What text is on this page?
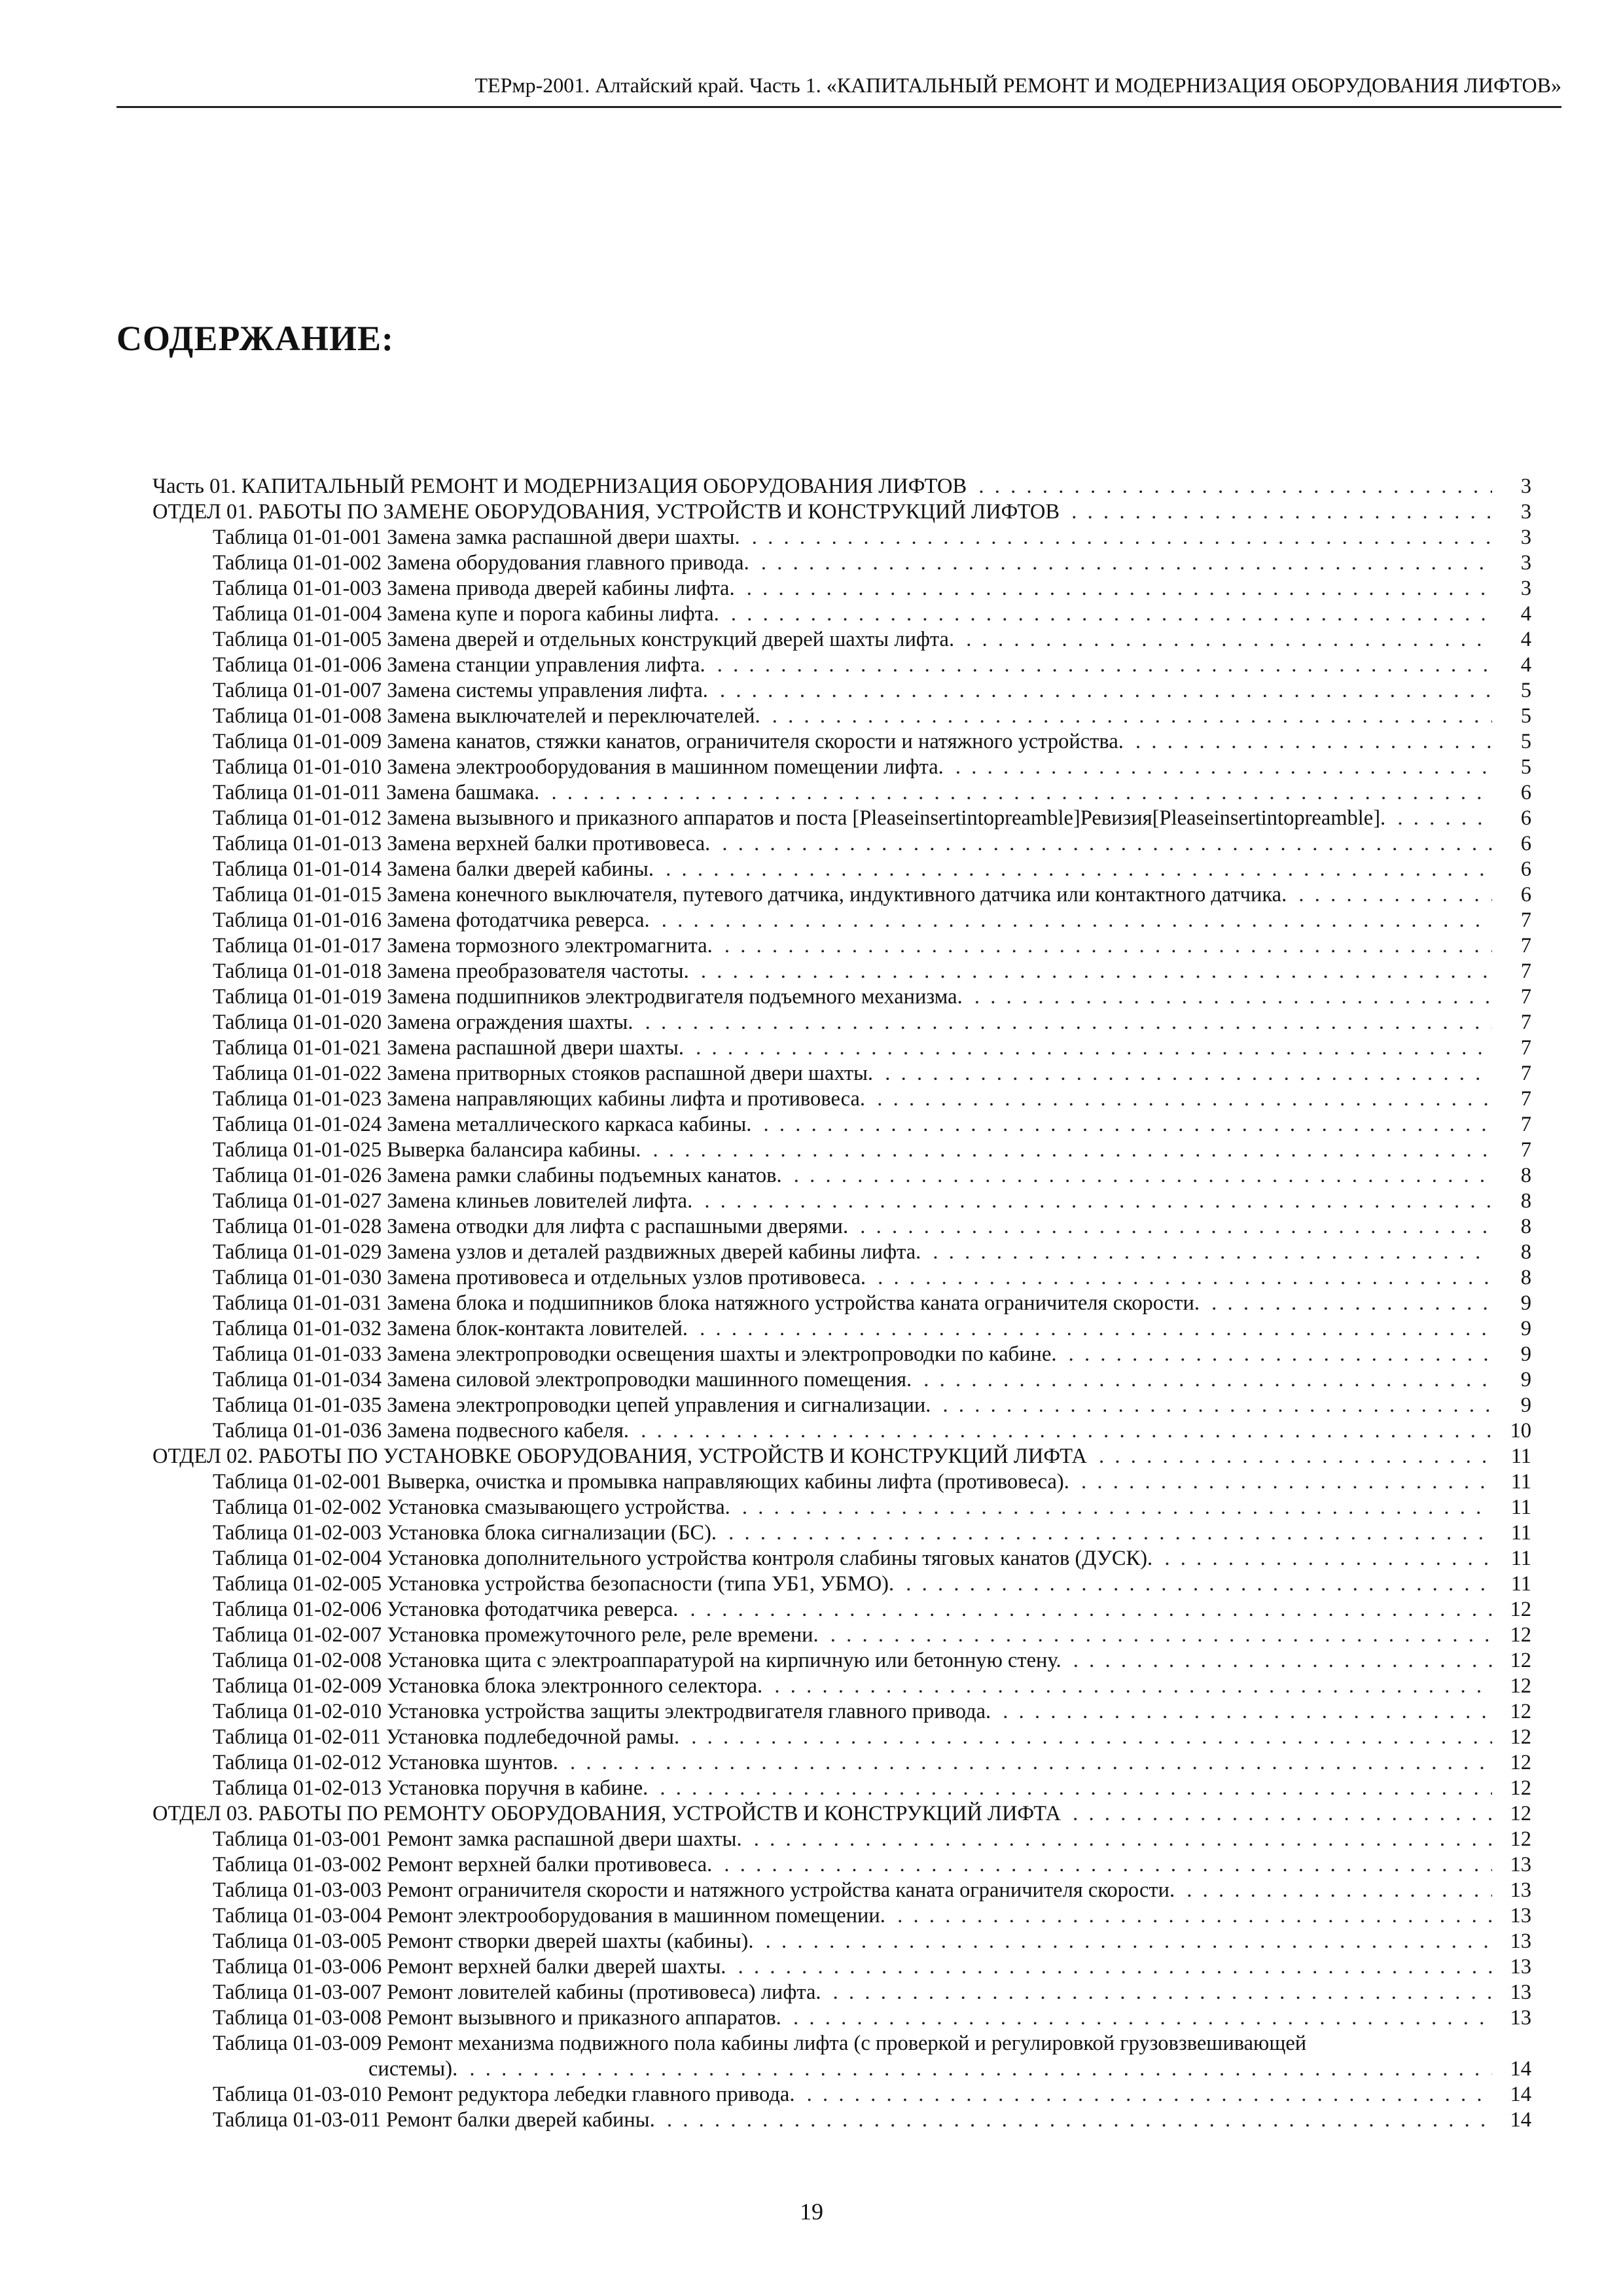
ТЕРмр-2001. Алтайский край. Часть 1. «КАПИТАЛЬНЫЙ РЕМОНТ И МОДЕРНИЗАЦИЯ ОБОРУДОВАНИЯ ЛИФТОВ»
СОДЕРЖАНИЕ:
Часть 01. КАПИТАЛЬНЫЙ РЕМОНТ И МОДЕРНИЗАЦИЯ ОБОРУДОВАНИЯ ЛИФТОВ . .	3
ОТДЕЛ 01. РАБОТЫ ПО ЗАМЕНЕ ОБОРУДОВАНИЯ, УСТРОЙСТВ И КОНСТРУКЦИЙ ЛИФТОВ . .	3
Таблица 01-01-001 Замена замка распашной двери шахты. . .	3
Таблица 01-01-002 Замена оборудования главного привода. . .	3
Таблица 01-01-003 Замена привода дверей кабины лифта. . .	3
Таблица 01-01-004 Замена купе и порога кабины лифта. . .	4
Таблица 01-01-005 Замена дверей и отдельных конструкций дверей шахты лифта. . .	4
Таблица 01-01-006 Замена станции управления лифта. . .	4
Таблица 01-01-007 Замена системы управления лифта. . .	5
Таблица 01-01-008 Замена выключателей и переключателей. . .	5
Таблица 01-01-009 Замена канатов, стяжки канатов, ограничителя скорости и натяжного устройства. . .	5
Таблица 01-01-010 Замена электрооборудования в машинном помещении лифта. . .	5
Таблица 01-01-011 Замена башмака. . .	6
Таблица 01-01-012 Замена вызывного и приказного аппаратов и поста [Pleaseinsertintopreamble]Ревизия[Pleaseinsertintopreamble]. . .	6
Таблица 01-01-013 Замена верхней балки противовеса. . .	6
Таблица 01-01-014 Замена балки дверей кабины. . .	6
Таблица 01-01-015 Замена конечного выключателя, путевого датчика, индуктивного датчика или контактного датчика. . .	6
Таблица 01-01-016 Замена фотодатчика реверса. . .	7
Таблица 01-01-017 Замена тормозного электромагнита. . .	7
Таблица 01-01-018 Замена преобразователя частоты. . .	7
Таблица 01-01-019 Замена подшипников электродвигателя подъемного механизма. . .	7
Таблица 01-01-020 Замена ограждения шахты. . .	7
Таблица 01-01-021 Замена распашной двери шахты. . .	7
Таблица 01-01-022 Замена притворных стояков распашной двери шахты. . .	7
Таблица 01-01-023 Замена направляющих кабины лифта и противовеса. . .	7
Таблица 01-01-024 Замена металлического каркаса кабины. . .	7
Таблица 01-01-025 Выверка балансира кабины. . .	7
Таблица 01-01-026 Замена рамки слабины подъемных канатов. . .	8
Таблица 01-01-027 Замена клиньев ловителей лифта. . .	8
Таблица 01-01-028 Замена отводки для лифта с распашными дверями. . .	8
Таблица 01-01-029 Замена узлов и деталей раздвижных дверей кабины лифта. . .	8
Таблица 01-01-030 Замена противовеса и отдельных узлов противовеса. . .	8
Таблица 01-01-031 Замена блока и подшипников блока натяжного устройства каната ограничителя скорости. . .	9
Таблица 01-01-032 Замена блок-контакта ловителей. . .	9
Таблица 01-01-033 Замена электропроводки освещения шахты и электропроводки по кабине. . .	9
Таблица 01-01-034 Замена силовой электропроводки машинного помещения. . .	9
Таблица 01-01-035 Замена электропроводки цепей управления и сигнализации. . .	9
Таблица 01-01-036 Замена подвесного кабеля. . .	10
ОТДЕЛ 02. РАБОТЫ ПО УСТАНОВКЕ ОБОРУДОВАНИЯ, УСТРОЙСТВ И КОНСТРУКЦИЙ ЛИФТА . .	11
Таблица 01-02-001 Выверка, очистка и промывка направляющих кабины лифта (противовеса). . .	11
Таблица 01-02-002 Установка смазывающего устройства. . .	11
Таблица 01-02-003 Установка блока сигнализации (БС). . .	11
Таблица 01-02-004 Установка дополнительного устройства контроля слабины тяговых канатов (ДУСК). . .	11
Таблица 01-02-005 Установка устройства безопасности (типа УБ1, УБМО). . .	11
Таблица 01-02-006 Установка фотодатчика реверса. . .	12
Таблица 01-02-007 Установка промежуточного реле, реле времени. . .	12
Таблица 01-02-008 Установка щита с электроаппаратурой на кирпичную или бетонную стену. . .	12
Таблица 01-02-009 Установка блока электронного селектора. . .	12
Таблица 01-02-010 Установка устройства защиты электродвигателя главного привода. . .	12
Таблица 01-02-011 Установка подлебедочной рамы. . .	12
Таблица 01-02-012 Установка шунтов. . .	12
Таблица 01-02-013 Установка поручня в кабине. . .	12
ОТДЕЛ 03. РАБОТЫ ПО РЕМОНТУ ОБОРУДОВАНИЯ, УСТРОЙСТВ И КОНСТРУКЦИЙ ЛИФТА . .	12
Таблица 01-03-001 Ремонт замка распашной двери шахты. . .	12
Таблица 01-03-002 Ремонт верхней балки противовеса. . .	13
Таблица 01-03-003 Ремонт ограничителя скорости и натяжного устройства каната ограничителя скорости. . .	13
Таблица 01-03-004 Ремонт электрооборудования в машинном помещении. . .	13
Таблица 01-03-005 Ремонт створки дверей шахты (кабины). . .	13
Таблица 01-03-006 Ремонт верхней балки дверей шахты. . .	13
Таблица 01-03-007 Ремонт ловителей кабины (противовеса) лифта. . .	13
Таблица 01-03-008 Ремонт вызывного и приказного аппаратов. . .	13
Таблица 01-03-009 Ремонт механизма подвижного пола кабины лифта (с проверкой и регулировкой грузовзвешивающей
системы). . .	14
Таблица 01-03-010 Ремонт редуктора лебедки главного привода. . .	14
Таблица 01-03-011 Ремонт балки дверей кабины. . .	14
19
